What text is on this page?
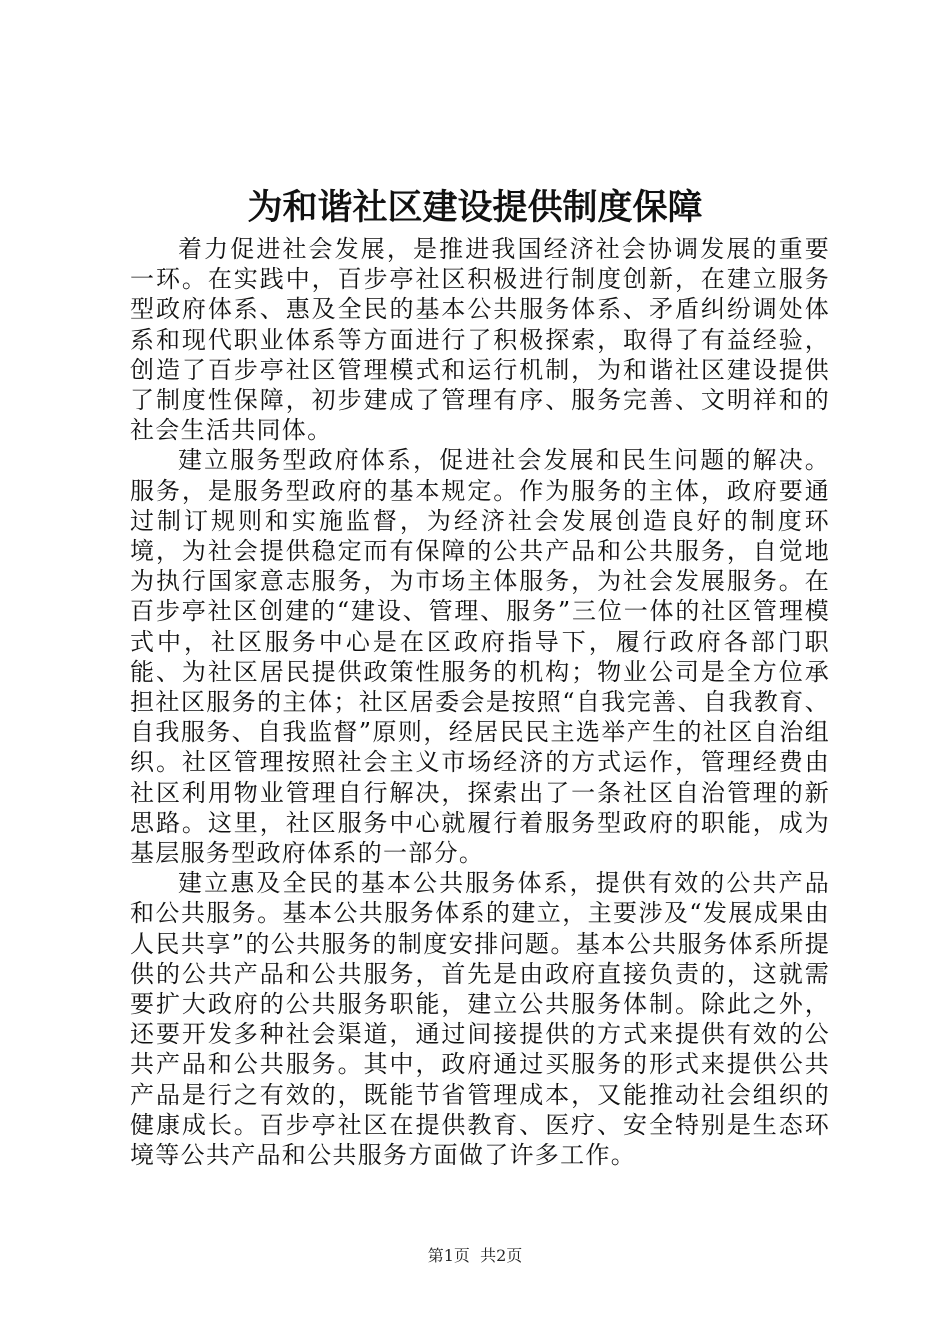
为和谐社区建设提供制度保障

着力促进社会发展，是推进我国经济社会协调发展的重要一环。在实践中，百步亭社区积极进行制度创新，在建立服务型政府体系、惠及全民的基本公共服务体系、矛盾纠纷调处体系和现代职业体系等方面进行了积极探索，取得了有益经验，创造了百步亭社区管理模式和运行机制，为和谐社区建设提供了制度性保障，初步建成了管理有序、服务完善、文明祥和的社会生活共同体。

建立服务型政府体系，促进社会发展和民生问题的解决。服务，是服务型政府的基本规定。作为服务的主体，政府要通过制订规则和实施监督，为经济社会发展创造良好的制度环境，为社会提供稳定而有保障的公共产品和公共服务，自觉地为执行国家意志服务，为市场主体服务，为社会发展服务。在百步亭社区创建的“建设、管理、服务”三位一体的社区管理模式中，社区服务中心是在区政府指导下，履行政府各部门职能、为社区居民提供政策性服务的机构；物业公司是全方位承担社区服务的主体；社区居委会是按照“自我完善、自我教育、自我服务、自我监督”原则，经居民民主选举产生的社区自治组织。社区管理按照社会主义市场经济的方式运作，管理经费由社区利用物业管理自行解决，探索出了一条社区自治管理的新思路。这里，社区服务中心就履行着服务型政府的职能，成为基层服务型政府体系的一部分。

建立惠及全民的基本公共服务体系，提供有效的公共产品和公共服务。基本公共服务体系的建立，主要涉及“发展成果由人民共享”的公共服务的制度安排问题。基本公共服务体系所提供的公共产品和公共服务，首先是由政府直接负责的，这就需要扩大政府的公共服务职能，建立公共服务体制。除此之外，还要开发多种社会渠道，通过间接提供的方式来提供有效的公共产品和公共服务。其中，政府通过买服务的形式来提供公共产品是行之有效的，既能节省管理成本，又能推动社会组织的健康成长。百步亭社区在提供教育、医疗、安全特别是生态环境等公共产品和公共服务方面做了许多工作。

第1页 共2页
